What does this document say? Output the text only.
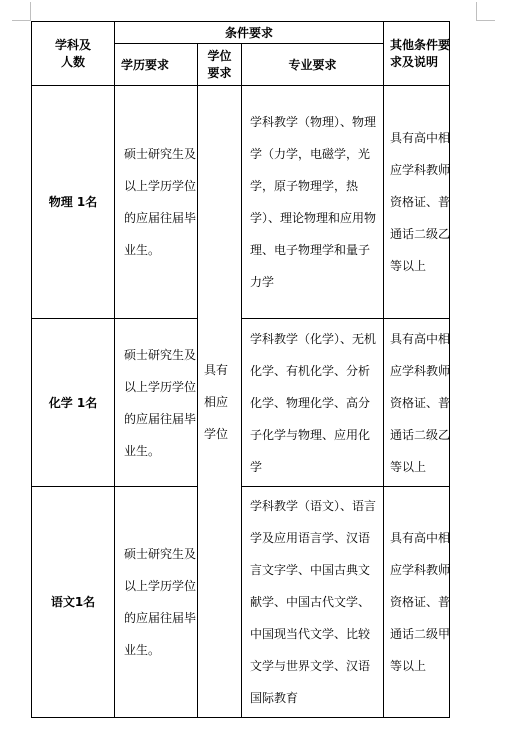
学科及人数	条件要求			其他条件要求及说明

	学历要求	学位要求	专业要求	
物理 1名	硕士研究生及以上学历学位的应届往届毕业生。	具有相应学位	学科教学（物理）、物理学（力学，电磁学，光学，原子物理学，热学）、理论物理和应用物理、电子物理学和量子力学	具有高中相应学科教师资格证、普通话二级乙等以上

化学 1名	硕士研究生及以上学历学位的应届往届毕业生。		学科教学（化学）、无机化学、有机化学、分析化学、物理化学、高分子化学与物理、应用化学	具有高中相应学科教师资格证、普通话二级乙等以上

语文1名	硕士研究生及以上学历学位的应届往届毕业生。		学科教学（语文）、语言学及应用语言学、汉语言文字学、中国古典文献学、中国古代文学、中国现当代文学、比较文学与世界文学、汉语国际教育	具有高中相应学科教师资格证、普通话二级甲等以上
